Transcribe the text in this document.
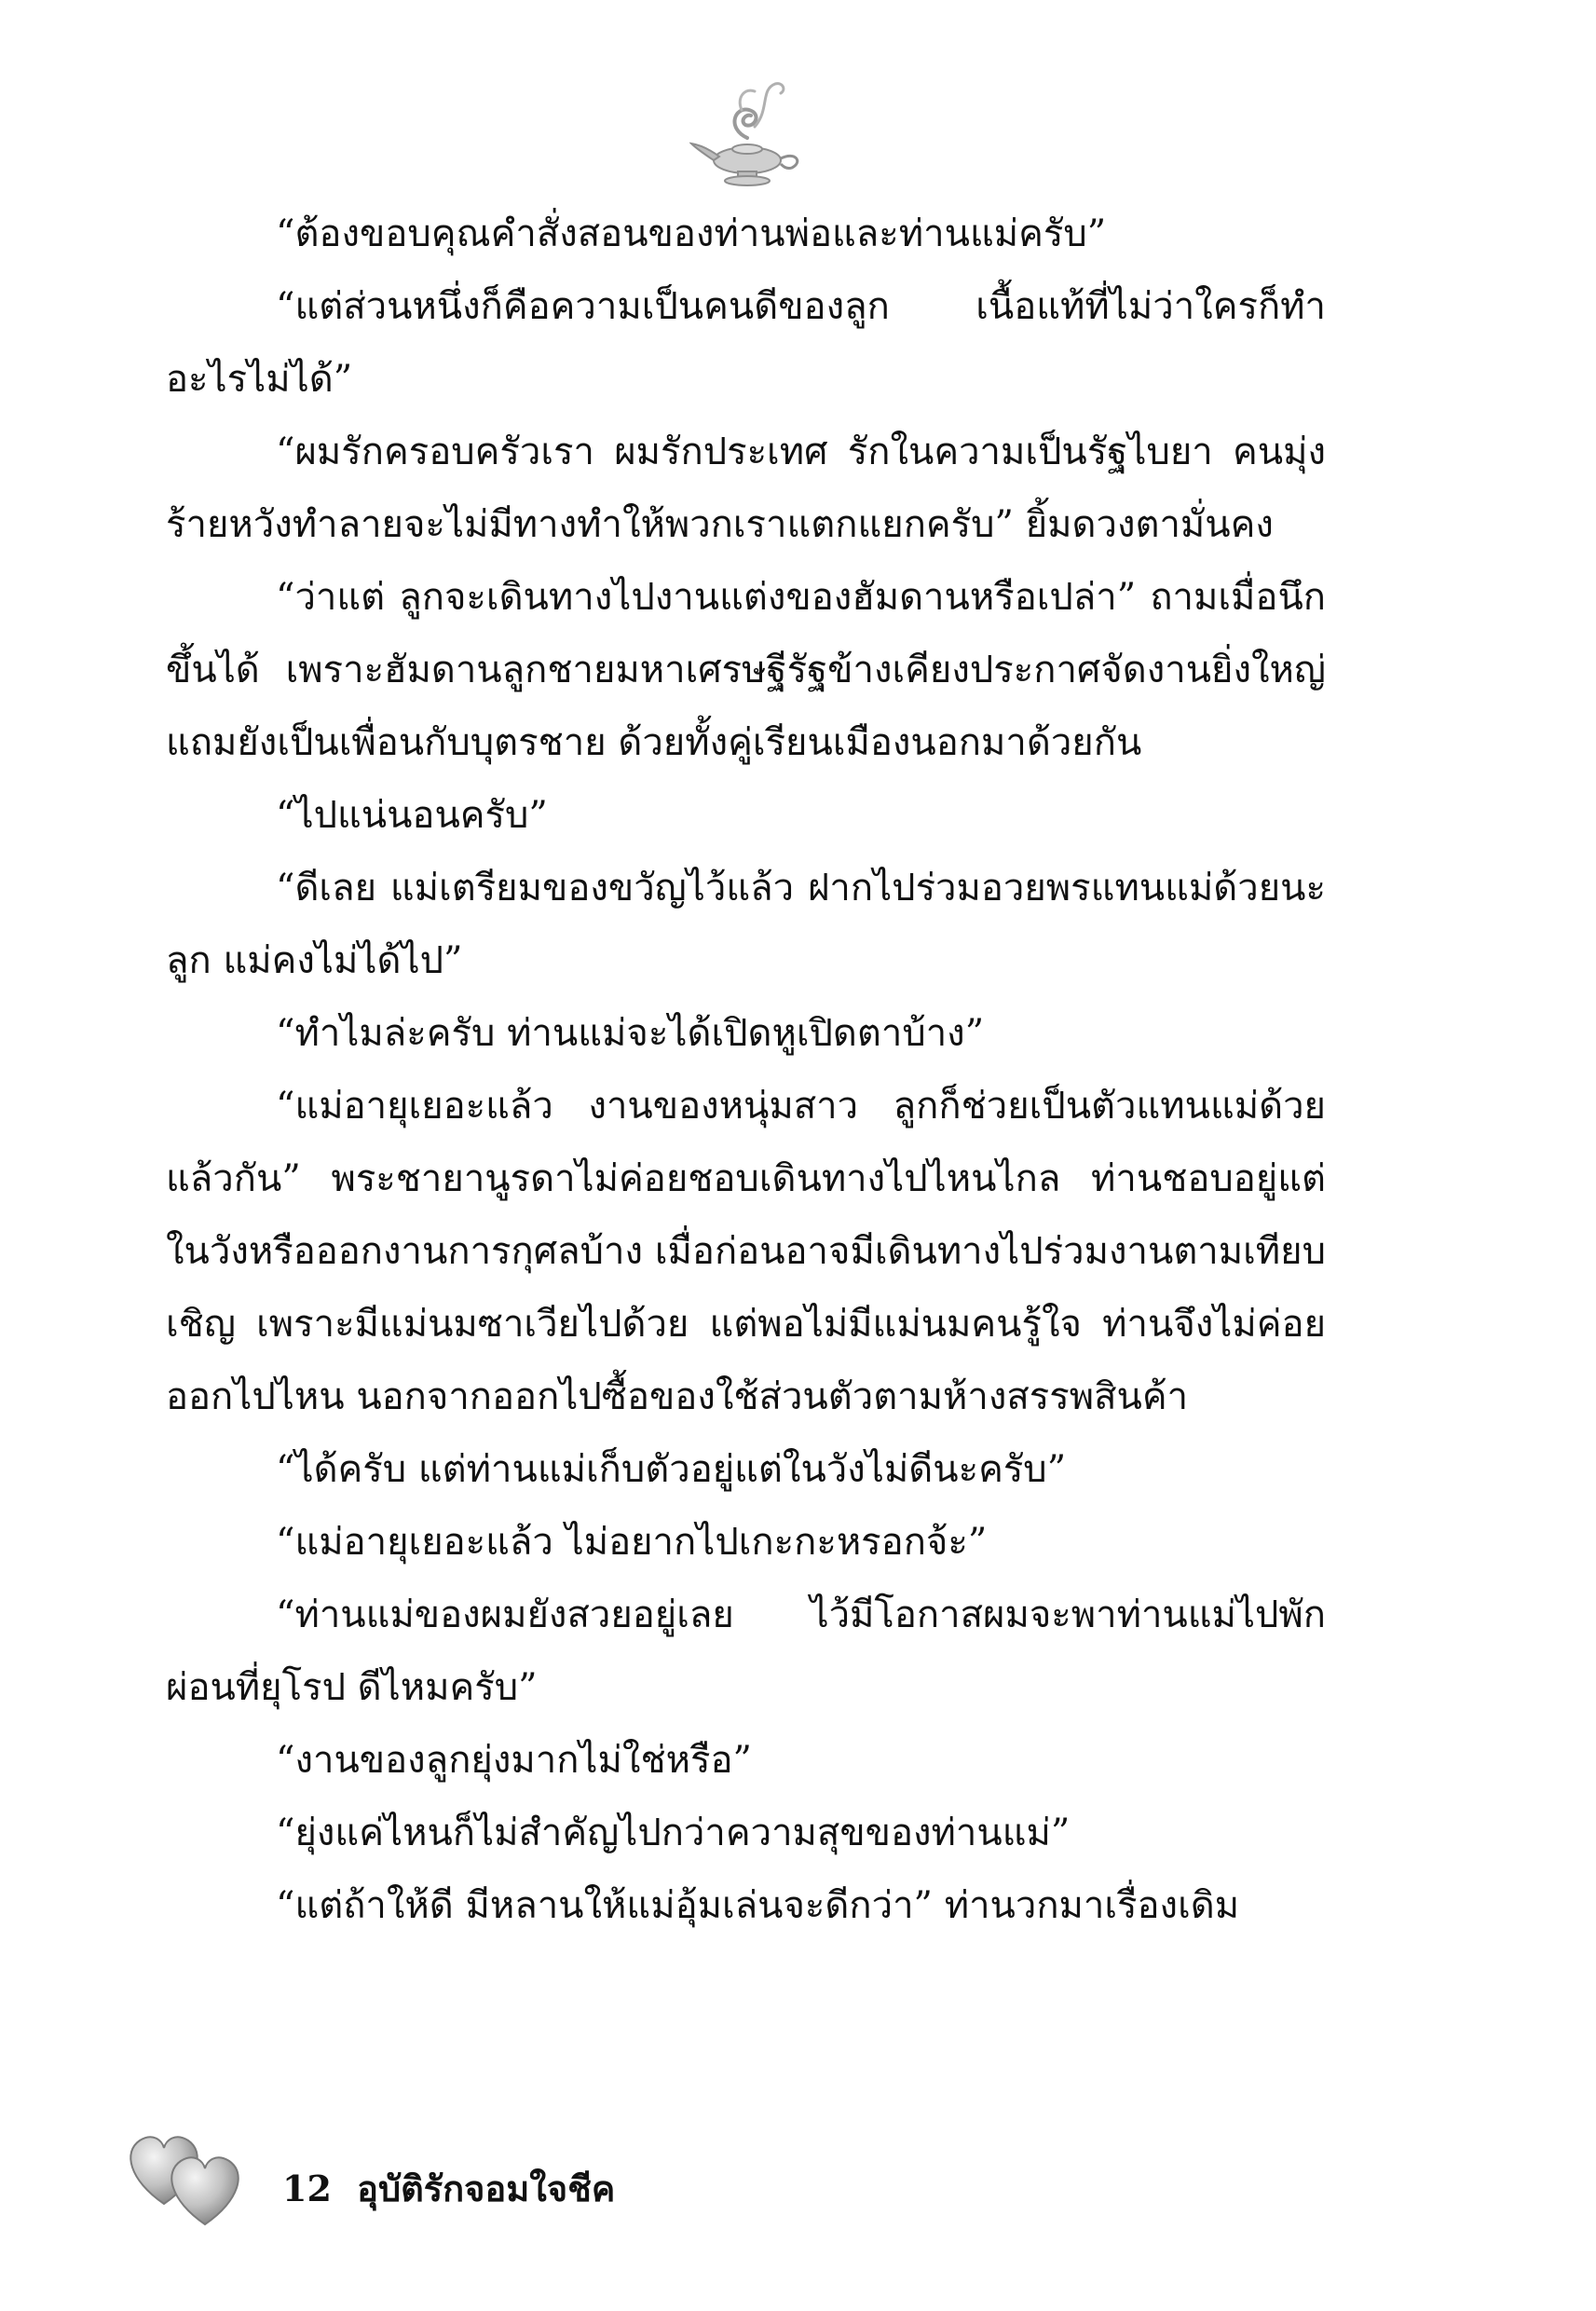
“ต้องขอบคุณคำสั่งสอนของท่านพ่อและท่านแม่ครับ”

“แต่ส่วนหนึ่งก็คือความเป็นคนดีของลูก เนื้อแท้ที่ไม่ว่าใครก็ทำอะไรไม่ได้”

“ผมรักครอบครัวเรา ผมรักประเทศ รักในความเป็นรัฐไบยา คนมุ่งร้ายหวังทำลายจะไม่มีทางทำให้พวกเราแตกแยกครับ” ยิ้มดวงตามั่นคง

“ว่าแต่ ลูกจะเดินทางไปงานแต่งของฮัมดานหรือเปล่า” ถามเมื่อนึกขึ้นได้ เพราะฮัมดานลูกชายมหาเศรษฐีรัฐข้างเคียงประกาศจัดงานยิ่งใหญ่ แถมยังเป็นเพื่อนกับบุตรชาย ด้วยทั้งคู่เรียนเมืองนอกมาด้วยกัน

“ไปแน่นอนครับ”

“ดีเลย แม่เตรียมของขวัญไว้แล้ว ฝากไปร่วมอวยพรแทนแม่ด้วยนะลูก แม่คงไม่ได้ไป”

“ทำไมล่ะครับ ท่านแม่จะได้เปิดหูเปิดตาบ้าง”

“แม่อายุเยอะแล้ว งานของหนุ่มสาว ลูกก็ช่วยเป็นตัวแทนแม่ด้วยแล้วกัน” พระชายานูรดาไม่ค่อยชอบเดินทางไปไหนไกล ท่านชอบอยู่แต่ในวังหรือออกงานการกุศลบ้าง เมื่อก่อนอาจมีเดินทางไปร่วมงานตามเทียบเชิญ เพราะมีแม่นมซาเวียไปด้วย แต่พอไม่มีแม่นมคนรู้ใจ ท่านจึงไม่ค่อยออกไปไหน นอกจากออกไปซื้อของใช้ส่วนตัวตามห้างสรรพสินค้า

“ได้ครับ แต่ท่านแม่เก็บตัวอยู่แต่ในวังไม่ดีนะครับ”

“แม่อายุเยอะแล้ว ไม่อยากไปเกะกะหรอกจ้ะ”

“ท่านแม่ของผมยังสวยอยู่เลย ไว้มีโอกาสผมจะพาท่านแม่ไปพักผ่อนที่ยุโรป ดีไหมครับ”

“งานของลูกยุ่งมากไม่ใช่หรือ”

“ยุ่งแค่ไหนก็ไม่สำคัญไปกว่าความสุขของท่านแม่”

“แต่ถ้าให้ดี มีหลานให้แม่อุ้มเล่นจะดีกว่า” ท่านวกมาเรื่องเดิม

12 อุบัติรักจอมใจชีค
